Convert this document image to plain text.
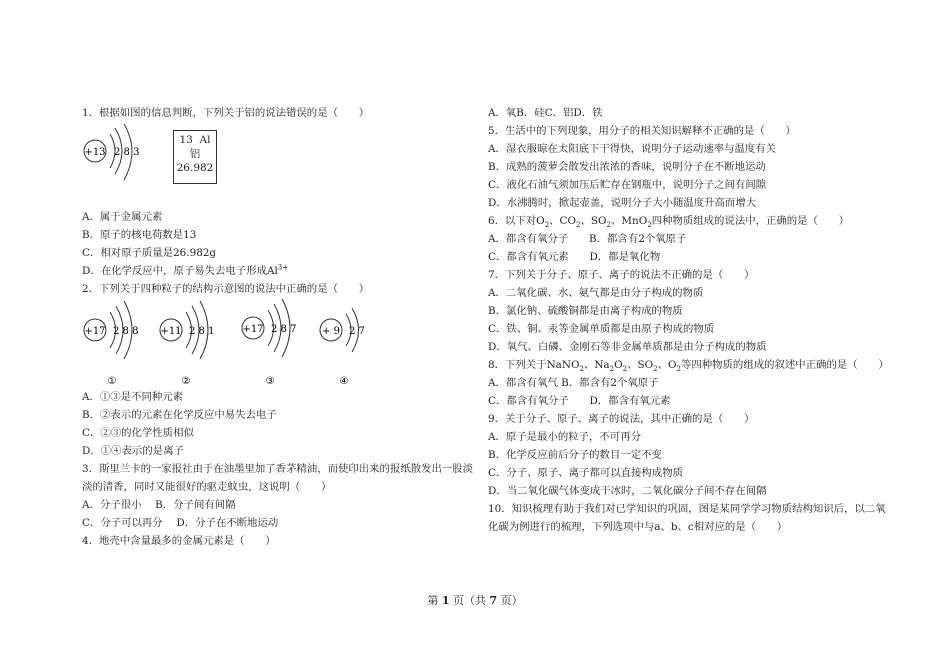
1．根据如图的信息判断，下列关于铝的说法错误的是（　　）
+13 2 8 3
13  Al
铝
26.982
A．属于金属元素
B．原子的核电荷数是13
C．相对原子质量是26.982g
D．在化学反应中，原子易失去电子形成$Al^{3+}$
2．下列关于四种粒子的结构示意图的说法中正确的是（　　）
+17 2 8 8
①
+11 2 8 1
②
+17 2 8 7
③
+ 9 2 7
④
A．①③是不同种元素
B．②表示的元素在化学反应中易失去电子
C．②③的化学性质相似
D．①④表示的是离子
3．斯里兰卡的一家报社由于在油墨里加了香茅精油，而使印出来的报纸散发出一股淡
淡的清香，同时又能很好的驱走蚊虫，这说明（　　）
A．分子很小　 B．分子间有间隔
C．分子可以再分　 D．分子在不断地运动
4．地壳中含量最多的金属元素是（　　）
A．氧B．硅C．铝D．铁
5．生活中的下列现象，用分子的相关知识解释不正确的是（　　）
A．湿衣服晾在太阳底下干得快，说明分子运动速率与温度有关
B．成熟的菠萝会散发出浓浓的香味，说明分子在不断地运动
C．液化石油气须加压后贮存在钢瓶中，说明分子之间有间隙
D．水沸腾时，掀起壶盖，说明分子大小随温度升高而增大
6．以下对$O_2$、$CO_2$、$SO_2$、MnO$_2$四种物质组成的说法中，正确的是（　　）
A．都含有氧分子　　B．都含有2个氧原子
C．都含有氧元素　　D．都是氧化物
7．下列关于分子、原子、离子的说法不正确的是（　　）
A．二氧化碳、水、氨气都是由分子构成的物质
B．氯化钠、硫酸铜都是由离子构成的物质
C．铁、铜、汞等金属单质都是由原子构成的物质
D．氧气、白磷、金刚石等非金属单质都是由分子构成的物质
8．下列关于NaNO$_2$、$Na_2O_2$、$SO_2$、$O_2$等四种物质的组成的叙述中正确的是（　　）
A．都含有氧气 B．都含有2个氧原子
C．都含有氧分子　　D．都含有氧元素
9．关于分子、原子、离子的说法，其中正确的是（　　）
A．原子是最小的粒子，不可再分
B．化学反应前后分子的数目一定不变
C．分子、原子、离子都可以直接构成物质
D．当二氧化碳气体变成干冰时，二氧化碳分子间不存在间隔
10．知识梳理有助于我们对已学知识的巩固，图是某同学学习物质结构知识后，以二氧
化碳为例进行的梳理，下列选项中与a、b、c相对应的是（　　）
第 1 页（共 7 页）
